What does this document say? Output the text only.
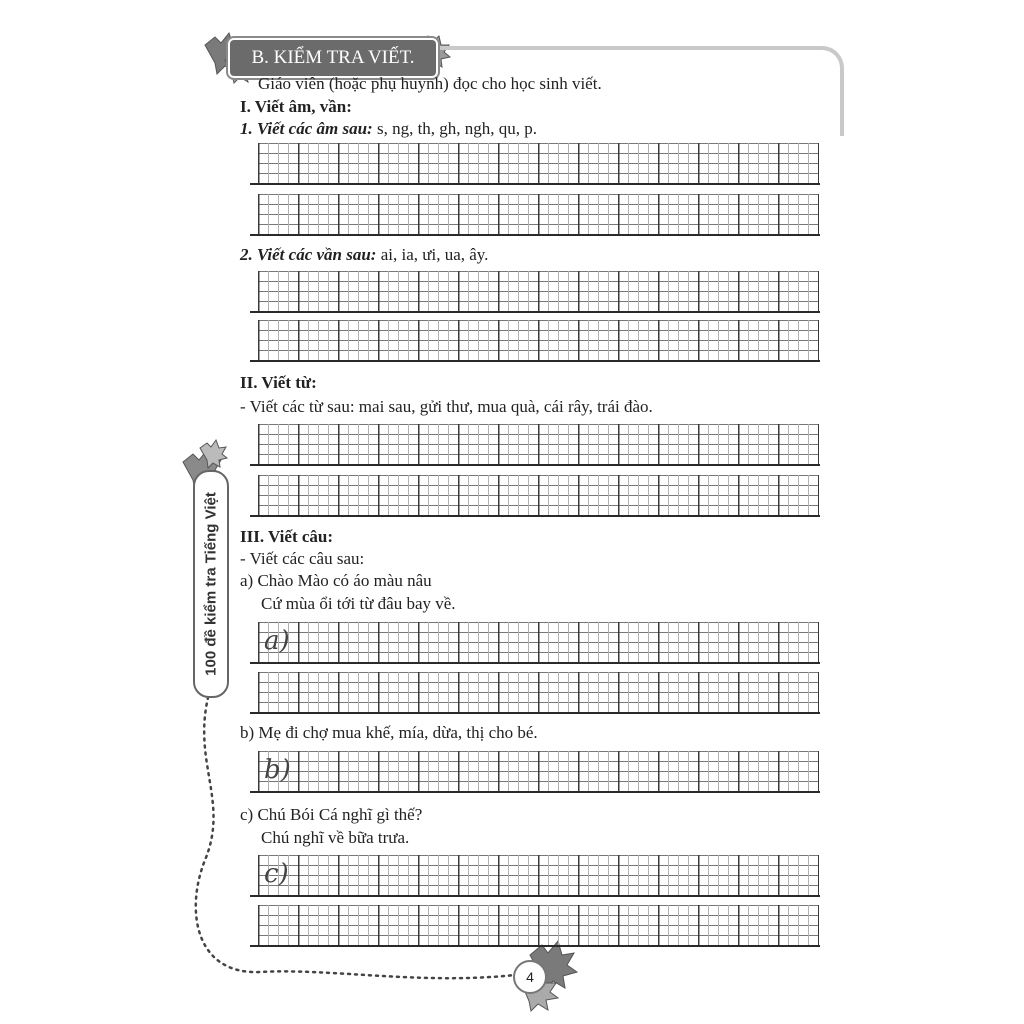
B. KIỂM TRA VIẾT.
Giáo viên (hoặc phụ huynh) đọc cho học sinh viết.
I. Viết âm, vần:
1. Viết các âm sau: s, ng, th, gh, ngh, qu, p.
2. Viết các vần sau: ai, ia, ưi, ua, ây.
II. Viết từ:
- Viết các từ sau: mai sau, gửi thư, mua quà, cái rây, trái đào.
III. Viết câu:
- Viết các câu sau:
a) Chào Mào có áo màu nâu
Cứ mùa ổi tới từ đâu bay về.
a)
b) Mẹ đi chợ mua khế, mía, dừa, thị cho bé.
b)
c) Chú Bói Cá nghĩ gì thế?
Chú nghĩ về bữa trưa.
c)
100 đề kiểm tra Tiếng Việt
4
